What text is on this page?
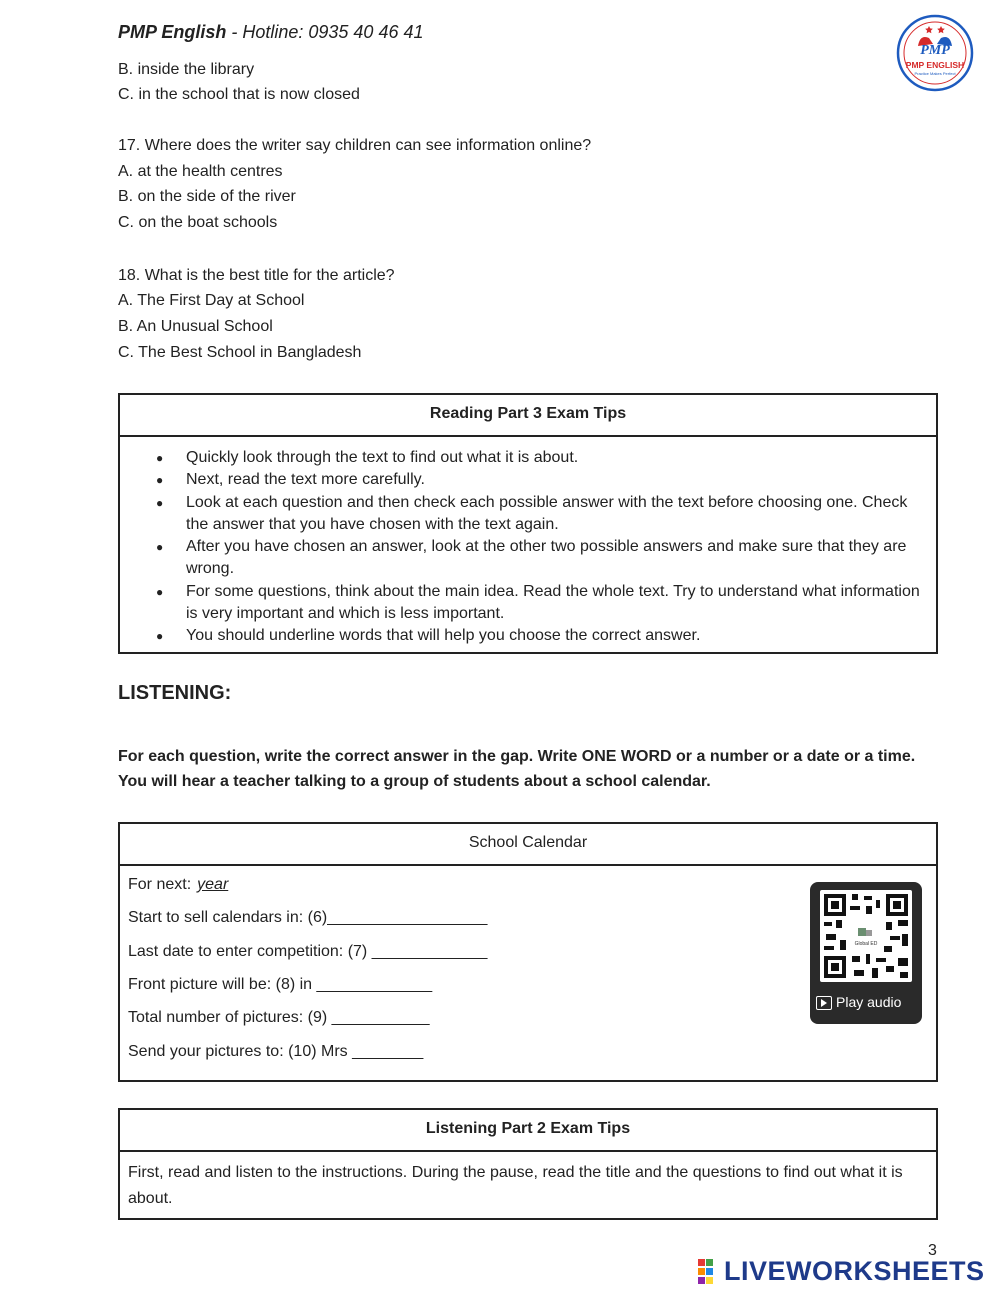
PMP English - Hotline: 0935 40 46 41
PMP
PMP ENGLISH
Practice Makes Perfect
B. inside the library
C. in the school that is now closed
17. Where does the writer say children can see information online?
A. at the health centres
B. on the side of the river
C. on the boat schools
18. What is the best title for the article?
A. The First Day at School
B. An Unusual School
C. The Best School in Bangladesh
Reading Part 3 Exam Tips
● Quickly look through the text to find out what it is about.
● Next, read the text more carefully.
● Look at each question and then check each possible answer with the text before choosing one. Check the answer that you have chosen with the text again.
● After you have chosen an answer, look at the other two possible answers and make sure that they are wrong.
● For some questions, think about the main idea. Read the whole text. Try to understand what information is very important and which is less important.
● You should underline words that will help you choose the correct answer.
LISTENING:
For each question, write the correct answer in the gap. Write ONE WORD or a number or a date or a time.
You will hear a teacher talking to a group of students about a school calendar.
School Calendar
For next: year
Start to sell calendars in: (6)__________________
Last date to enter competition: (7) _____________
Front picture will be: (8) in _____________
Total number of pictures: (9) ___________
Send your pictures to: (10) Mrs ________
Global ED
Play audio
Listening Part 2 Exam Tips
First, read and listen to the instructions. During the pause, read the title and the questions to find out what it is about.
3
LIVEWORKSHEETS
